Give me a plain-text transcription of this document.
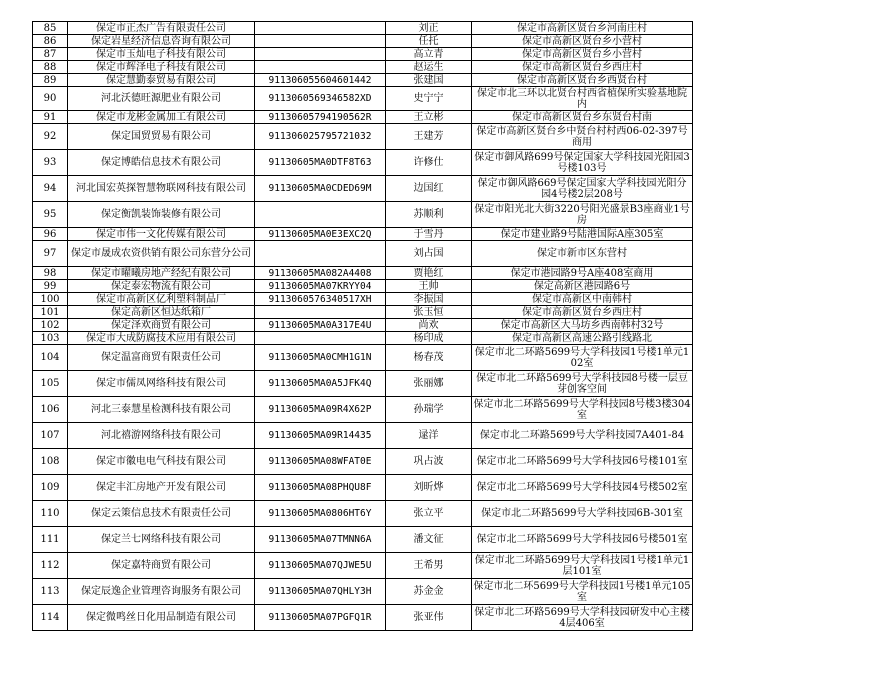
85	保定市正杰广告有限责任公司		刘正	保定市高新区贤台乡河南庄村
86	保定岩星经济信息咨询有限公司		任托	保定市高新区贤台乡小营村
87	保定市玉灿电子科技有限公司		高立青	保定市高新区贤台乡小营村
88	保定市辉泽电子科技有限公司		赵运生	保定市高新区贤台乡西庄村
89	保定慧勤泰贸易有限公司	911306055604601442	张建国	保定市高新区贤台乡西贤台村
90	河北沃德旺源肥业有限公司	9113060569346582XD	史宁宁	保定市北三环以北贤台村西省植保所实验基地院内
91	保定市龙彬金属加工有限公司	91130605794190562R	王立彬	保定市高新区贤台乡东贤台村南
92	保定国贸贸易有限公司	911306025795721032	王建芳	保定市高新区贤台乡中贤台村村西06-02-397号商用
93	保定博皓信息技术有限公司	91130605MA0DTF8T63	许修仕	保定市御风路699号保定国家大学科技园光阳园3号楼103号
94	河北国宏英探智慧物联网科技有限公司	91130605MA0CDED69M	边国红	保定市御风路669号保定国家大学科技园光阳分园4号楼2层208号
95	保定衡凯装饰装修有限公司		苏顺利	保定市阳光北大街3220号阳光盛景B3座商业1号房
96	保定市伟一文化传媒有限公司	91130605MA0E3EXC2Q	于雪丹	保定市建业路9号陆港国际A座305室
97	保定市晟成农资供销有限公司东营分公司		刘占国	保定市新市区东营村
98	保定市曜曦房地产经纪有限公司	91130605MA082A4408	贾艳红	保定市港园路9号A座408室商用
99	保定泰宏物流有限公司	91130605MA07KRYY04	王帅	保定高新区港园路6号
100	保定市高新区亿利塑料制品厂	9113060576340517XH	李振国	保定市高新区中南韩村
101	保定高新区恒达纸箱厂		张玉恒	保定市高新区贤台乡西庄村
102	保定泽欢商贸有限公司	91130605MA0A317E4U	尚欢	保定市高新区大马坊乡西南韩村32号
103	保定市大成防腐技术应用有限公司		杨印成	保定市高新区高速公路引线路北
104	保定温富商贸有限责任公司	91130605MA0CMH1G1N	杨春茂	保定市北二环路5699号大学科技园1号楼1单元102室
105	保定市儒凤网络科技有限公司	91130605MA0A5JFK4Q	张丽娜	保定市北二环路5699号大学科技园8号楼一层豆芽创客空间
106	河北三泰慧星检测科技有限公司	91130605MA09R4X62P	孙瑞学	保定市北二环路5699号大学科技园8号楼3楼304室
107	河北禧游网络科技有限公司	91130605MA09R14435	逯洋	保定市北二环路5699号大学科技园7A401-84
108	保定市徽电电气科技有限公司	91130605MA08WFAT0E	巩占波	保定市北二环路5699号大学科技园6号楼101室
109	保定丰汇房地产开发有限公司	91130605MA08PHQU8F	刘昕烨	保定市北二环路5699号大学科技园4号楼502室
110	保定云策信息技术有限责任公司	91130605MA0806HT6Y	张立平	保定市北二环路5699号大学科技园6B-301室
111	保定兰七网络科技有限公司	91130605MA07TMNN6A	潘文征	保定市北二环路5699号大学科技园6号楼501室
112	保定嘉特商贸有限公司	91130605MA07QJWE5U	王希男	保定市北二环路5699号大学科技园1号楼1单元1层101室
113	保定辰逸企业管理咨询服务有限公司	91130605MA07QHLY3H	苏金金	保定市北二环5699号大学科技园1号楼1单元105室
114	保定微鸣丝日化用品制造有限公司	91130605MA07PGFQ1R	张亚伟	保定市北二环路5699号大学科技园研发中心主楼4层406室
